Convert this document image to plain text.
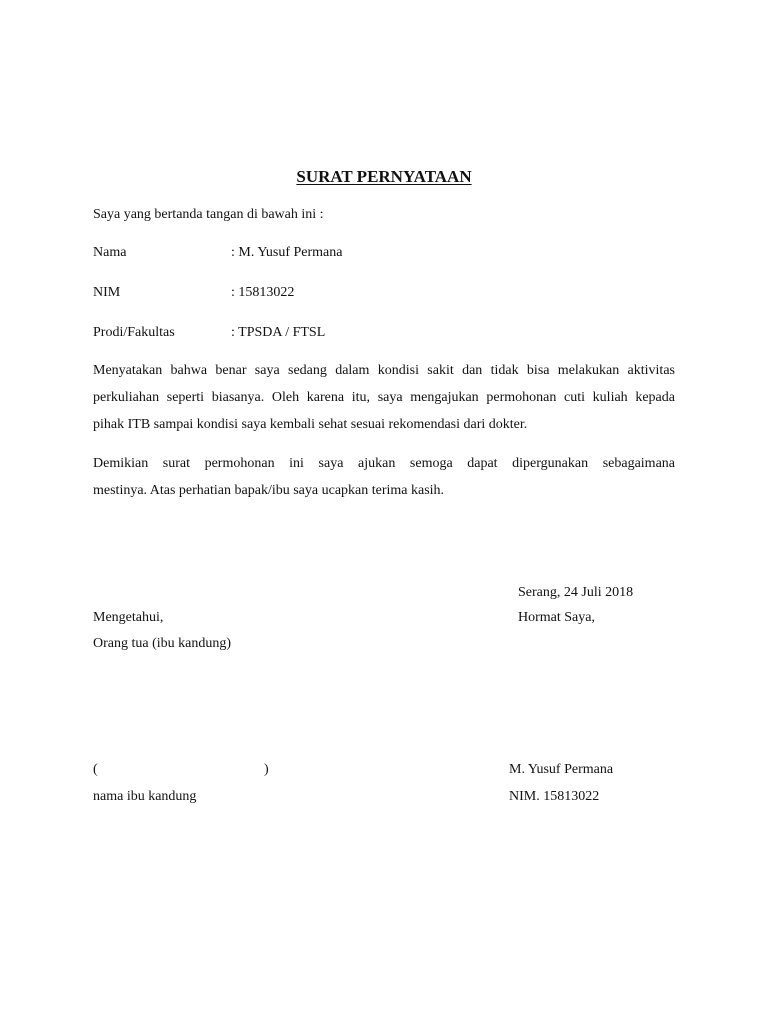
SURAT PERNYATAAN
Saya yang bertanda tangan di bawah ini :
Nama	: M. Yusuf Permana
NIM	: 15813022
Prodi/Fakultas	: TPSDA / FTSL
Menyatakan bahwa benar saya sedang dalam kondisi sakit dan tidak bisa melakukan aktivitas
perkuliahan seperti biasanya. Oleh karena itu, saya mengajukan permohonan cuti kuliah kepada
pihak ITB sampai kondisi saya kembali sehat sesuai rekomendasi dari dokter.
Demikian surat permohonan ini saya ajukan semoga dapat dipergunakan sebagaimana
mestinya. Atas perhatian bapak/ibu saya ucapkan terima kasih.
Serang, 24 Juli 2018
Mengetahui,	Hormat Saya,
Orang tua (ibu kandung)
(	)	M. Yusuf Permana
nama ibu kandung	NIM. 15813022
